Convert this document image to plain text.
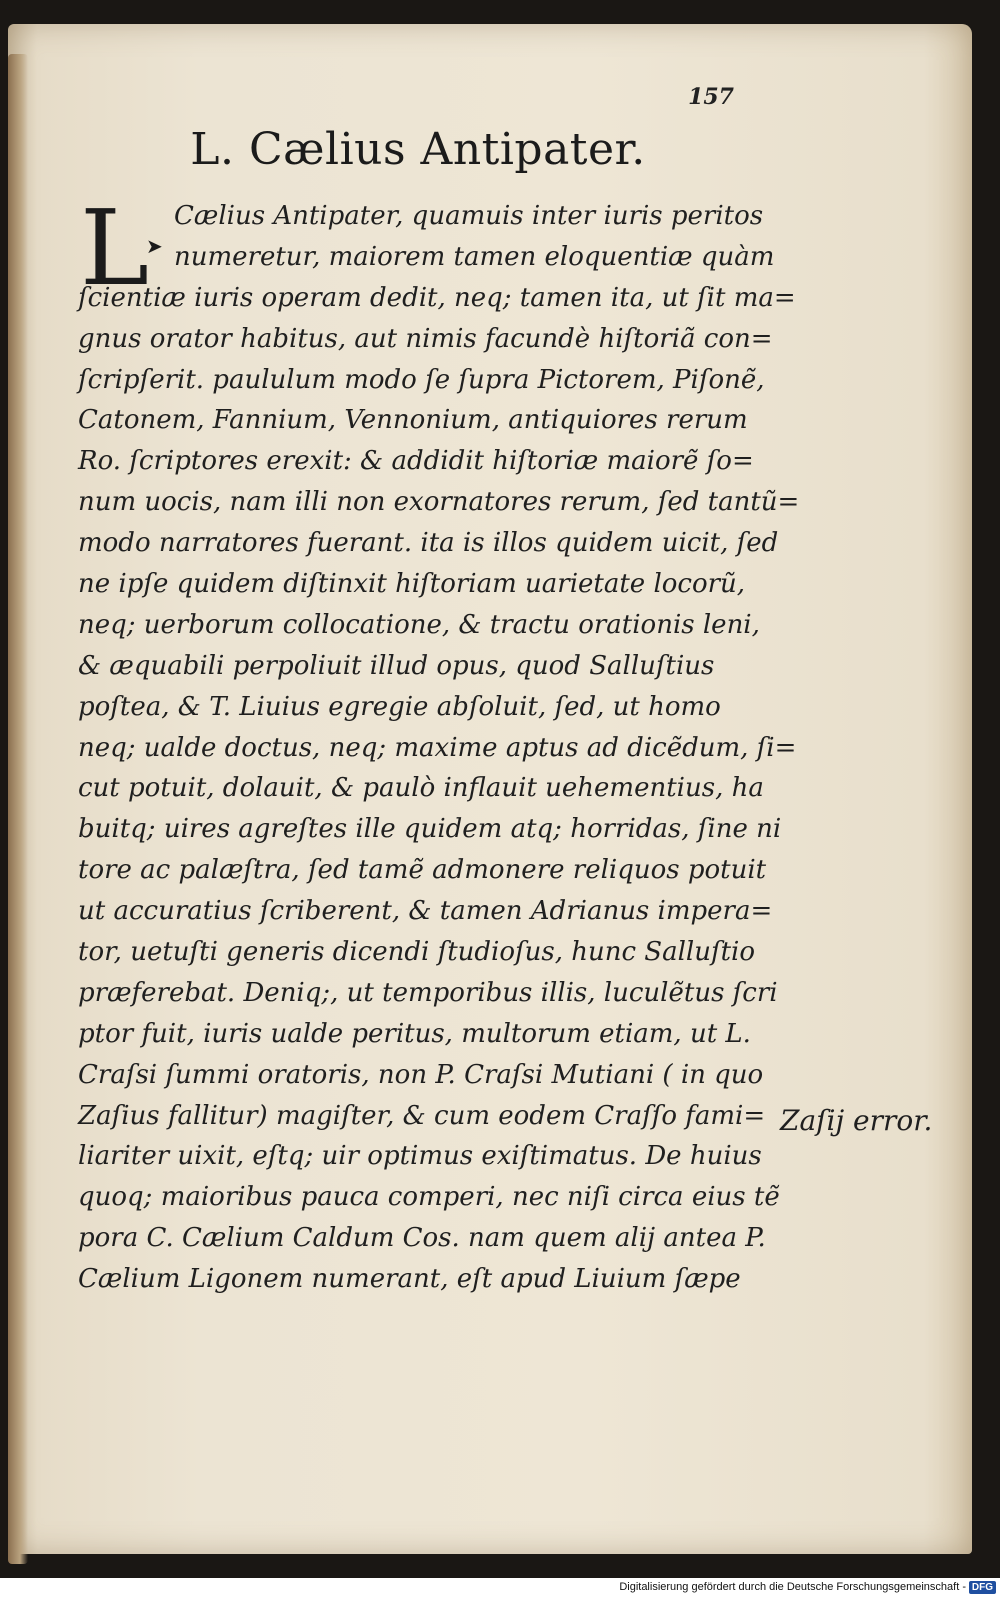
157
L. Cælius Antipater.
L
➤
Cælius Antipater, quamuis inter iuris peritos
numeretur, maiorem tamen eloquentiæ quàm
ſcientiæ iuris operam dedit, neq; tamen ita, ut ſit ma=
gnus orator habitus, aut nimis facundè hiſtoriã con=
ſcripſerit. paululum modo ſe ſupra Pictorem, Piſonẽ,
Catonem, Fannium, Vennonium, antiquiores rerum
Ro. ſcriptores erexit: & addidit hiſtoriæ maiorẽ ſo=
num uocis, nam illi non exornatores rerum, ſed tantũ=
modo narratores fuerant. ita is illos quidem uicit, ſed
ne ipſe quidem diſtinxit hiſtoriam uarietate locorũ,
neq; uerborum collocatione, & tractu orationis leni,
& æquabili perpoliuit illud opus, quod Salluſtius
poſtea, & T. Liuius egregie abſoluit, ſed, ut homo
neq; ualde doctus, neq; maxime aptus ad dicẽdum, ſi=
cut potuit, dolauit, & paulò inflauit uehementius, ha
buitq; uires agreſtes ille quidem atq; horridas, ſine ni
tore ac palæſtra, ſed tamẽ admonere reliquos potuit
ut accuratius ſcriberent, & tamen Adrianus impera=
tor, uetuſti generis dicendi ſtudioſus, hunc Salluſtio
præferebat. Deniq;, ut temporibus illis, luculẽtus ſcri
ptor fuit, iuris ualde peritus, multorum etiam, ut L.
Craſsi ſummi oratoris, non P. Craſsi Mutiani ( in quo
Zaſius fallitur) magiſter, & cum eodem Craſſo fami=
liariter uixit, eſtq; uir optimus exiſtimatus. De huius
quoq; maioribus pauca comperi, nec niſi circa eius tẽ
pora C. Cælium Caldum Cos. nam quem alij antea P.
Cælium Ligonem numerant, eſt apud Liuium ſæpe
Zaſij error.
Digitalisierung gefördert durch die Deutsche Forschungsgemeinschaft - DFG
